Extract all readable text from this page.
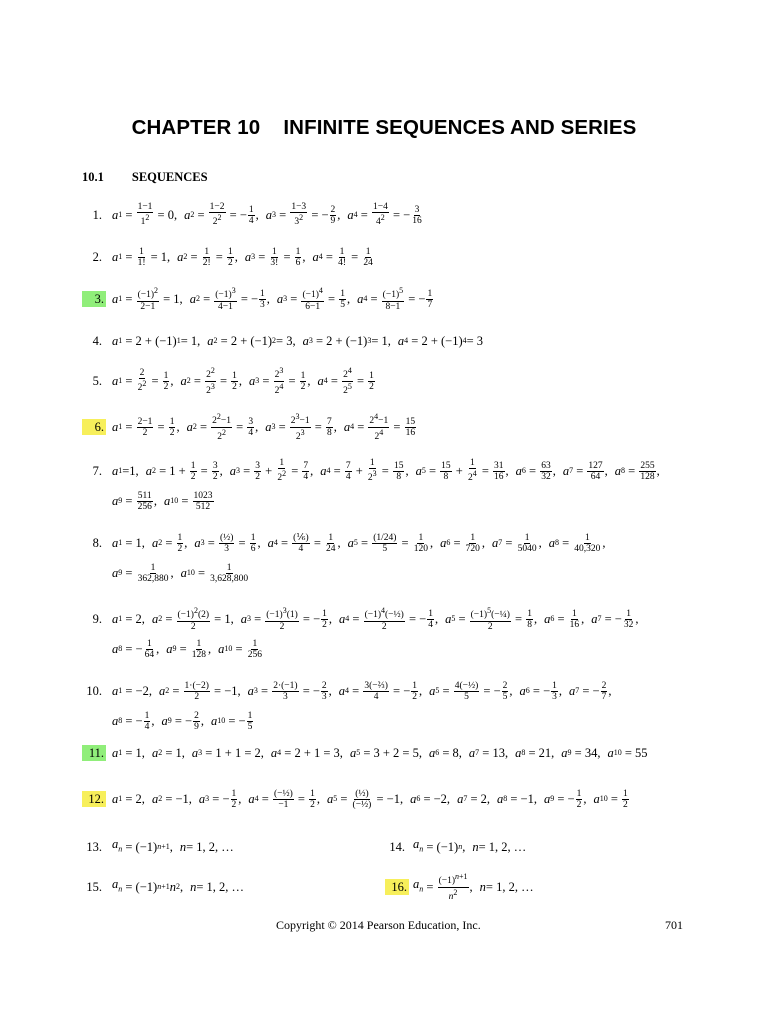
CHAPTER 10    INFINITE SEQUENCES AND SERIES
10.1 SEQUENCES
1. a $1 = \frac{1-1}{1^2} = 0$, a $2 = \frac{1-2}{2^2}$ = − $\frac{1}{4}$ , a $3 = \frac{1-3}{3^2}$ = − $\frac{2}{9}$ , a $4 = \frac{1-4}{4^2}$ = − $\frac{3}{16}$
2. a $1 = \frac{1}{1!} = 1$, a $2 = \frac{1}{2!} = \frac{1}{2}$ , a $3 = \frac{1}{3!} = \frac{1}{6}$ , a $4 = \frac{1}{4!} = \frac{1}{24}$
3. a $1 = \frac{(-1)^2}{2-1} = 1$, a $2 = \frac{(-1)^3}{4-1}$ = − $\frac{1}{3}$ , a $3 = \frac{(-1)^4}{6-1} = \frac{1}{5}$ , a $4 = \frac{(-1)^5}{8-1}$ = − $\frac{1}{7}$
4. a 1 = 2 + (−1) 1 = 1, a 2 = 2 + (−1) 2 = 3, a 3 = 2 + (−1) 3 = 1, a 4 = 2 + (−1) 4 = 3
5. a $1 = \frac{2}{2^2} = \frac{1}{2}$ , a $2 = \frac{2^2}{2^3} = \frac{1}{2}$ , a $3 = \frac{2^3}{2^4} = \frac{1}{2}$ , a $4 = \frac{2^4}{2^5} = \frac{1}{2}$
6. a $1 = \frac{2-1}{2} = \frac{1}{2}$ , a $2 = \frac{2^2-1}{2^2} = \frac{3}{4}$ , a $3 = \frac{2^3-1}{2^3} = \frac{7}{8}$ , a $4 = \frac{2^4-1}{2^4} = \frac{15}{16}$
7. a 1 =1, a $2 = 1 + \frac{1}{2} = \frac{3}{2}$ , a $3 = \frac{3}{2} + \frac{1}{2^2} = \frac{7}{4}$ , a $4 = \frac{7}{4} + \frac{1}{2^3} = \frac{15}{8}$ , a $5 = \frac{15}{8} + \frac{1}{2^4} = \frac{31}{16}$ , a $6 = \frac{63}{32}$ , a $7 = \frac{127}{64}$ , a $8 = \frac{255}{128}$ ,
a $9 = \frac{511}{256}$ , a $10 = \frac{1023}{512}$
8. a 1 = 1, a $2 = \frac{1}{2}$ , a $3 = \frac{\text{(½)}}{3} = \frac{1}{6}$ , a $4 = \frac{\text{(⅙)}}{4} = \frac{1}{24}$ , a $5 = \frac{(1/24)}{5} = \frac{1}{120}$ , a $6 = \frac{1}{720}$ , a $7 = \frac{1}{5040}$ , a $8 = \frac{1}{40,320}$ ,
a $9 = \frac{1}{362,880}$ , a $10 = \frac{1}{3,628,800}$
9. a 1 = 2, a $2 = \frac{(-1)^2(2)}{2} = 1$, a $3 = \frac{(-1)^3(1)}{2}$ = − $\frac{1}{2}$ , a $4 = \frac{(-1)^4(-\frac{1}{2})}{2}$ = − $\frac{1}{4}$ , a $5 = \frac{(-1)^5(-\frac{1}{4})}{2} = \frac{1}{8}$ , a $6 = \frac{1}{16}$ , a 7 = − $\frac{1}{32}$ ,
a 8 = − $\frac{1}{64}$ , a $9 = \frac{1}{128}$ , a $10 = \frac{1}{256}$
10. a 1 = −2, a $2 = \frac{1\cdot(-2)}{2} = -1$, a $3 = \frac{2\cdot(-1)}{3}$ = − $\frac{2}{3}$ , a $4 = \frac{\text{3(−⅔)}}{4}$ = − $\frac{1}{2}$ , a $5 = \frac{\text{4(−½)}}{5}$ = − $\frac{2}{5}$ , a 6 = − $\frac{1}{3}$ , a 7 = − $\frac{2}{7}$ ,
a 8 = − $\frac{1}{4}$ , a 9 = − $\frac{2}{9}$ , a 10 = − $\frac{1}{5}$
11. a 1 = 1, a 2 = 1, a 3 = 1 + 1 = 2, a 4 = 2 + 1 = 3, a 5 = 3 + 2 = 5, a 6 = 8, a 7 = 13, a 8 = 21, a 9 = 34, a 10 = 55
12. a 1 = 2, a 2 = −1, a 3 = − $\frac{1}{2}$ , a $4 = \frac{\text{(−½)}}{-1} = \frac{1}{2}$ , a $5 = \frac{\text{(½)}}{\text{(−½)}} = -1$, a 6 = −2, a 7 = 2, a 8 = −1, a 9 = − $\frac{1}{2}$ , a $10 = \frac{1}{2}$
13. $a_n = (-1)$ n+1 , n = 1, 2, …	14. $a_n = (-1)$ n , n = 1, 2, …
15. $a_n = (-1)$ n+1 n 2 , n = 1, 2, …	16. $a_n = \frac{(-1)^{n+1}}{n^2}$ , n = 1, 2, …
Copyright © 2014 Pearson Education, Inc.	701
